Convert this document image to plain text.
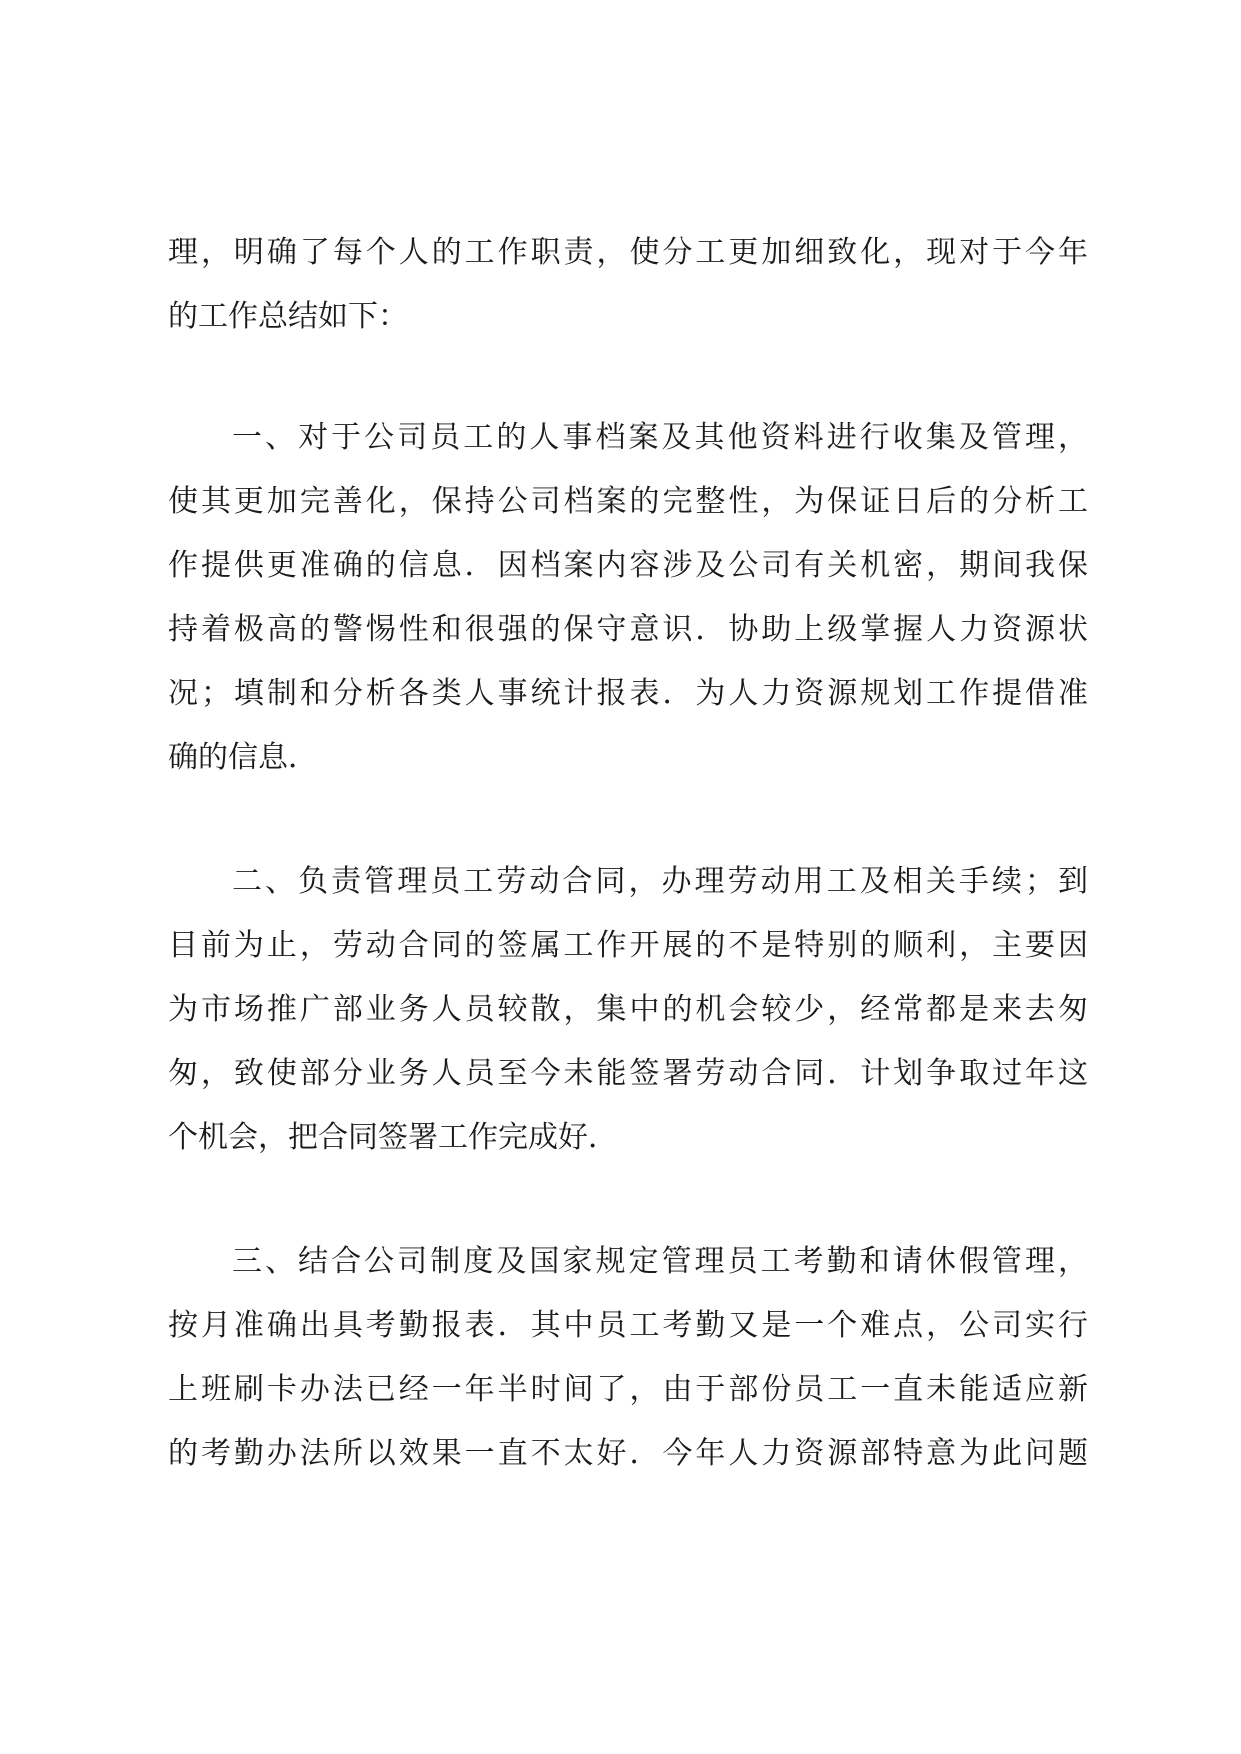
理，明确了每个人的工作职责，使分工更加细致化，现对于今年
的工作总结如下：
一、对于公司员工的人事档案及其他资料进行收集及管理，
使其更加完善化，保持公司档案的完整性，为保证日后的分析工
作提供更准确的信息．因档案内容涉及公司有关机密，期间我保
持着极高的警惕性和很强的保守意识．协助上级掌握人力资源状
况；填制和分析各类人事统计报表．为人力资源规划工作提借准
确的信息．
二、负责管理员工劳动合同，办理劳动用工及相关手续；到
目前为止，劳动合同的签属工作开展的不是特别的顺利，主要因
为市场推广部业务人员较散，集中的机会较少，经常都是来去匆
匆，致使部分业务人员至今未能签署劳动合同．计划争取过年这
个机会，把合同签署工作完成好．
三、结合公司制度及国家规定管理员工考勤和请休假管理，
按月准确出具考勤报表．其中员工考勤又是一个难点，公司实行
上班刷卡办法已经一年半时间了，由于部份员工一直未能适应新
的考勤办法所以效果一直不太好．今年人力资源部特意为此问题
